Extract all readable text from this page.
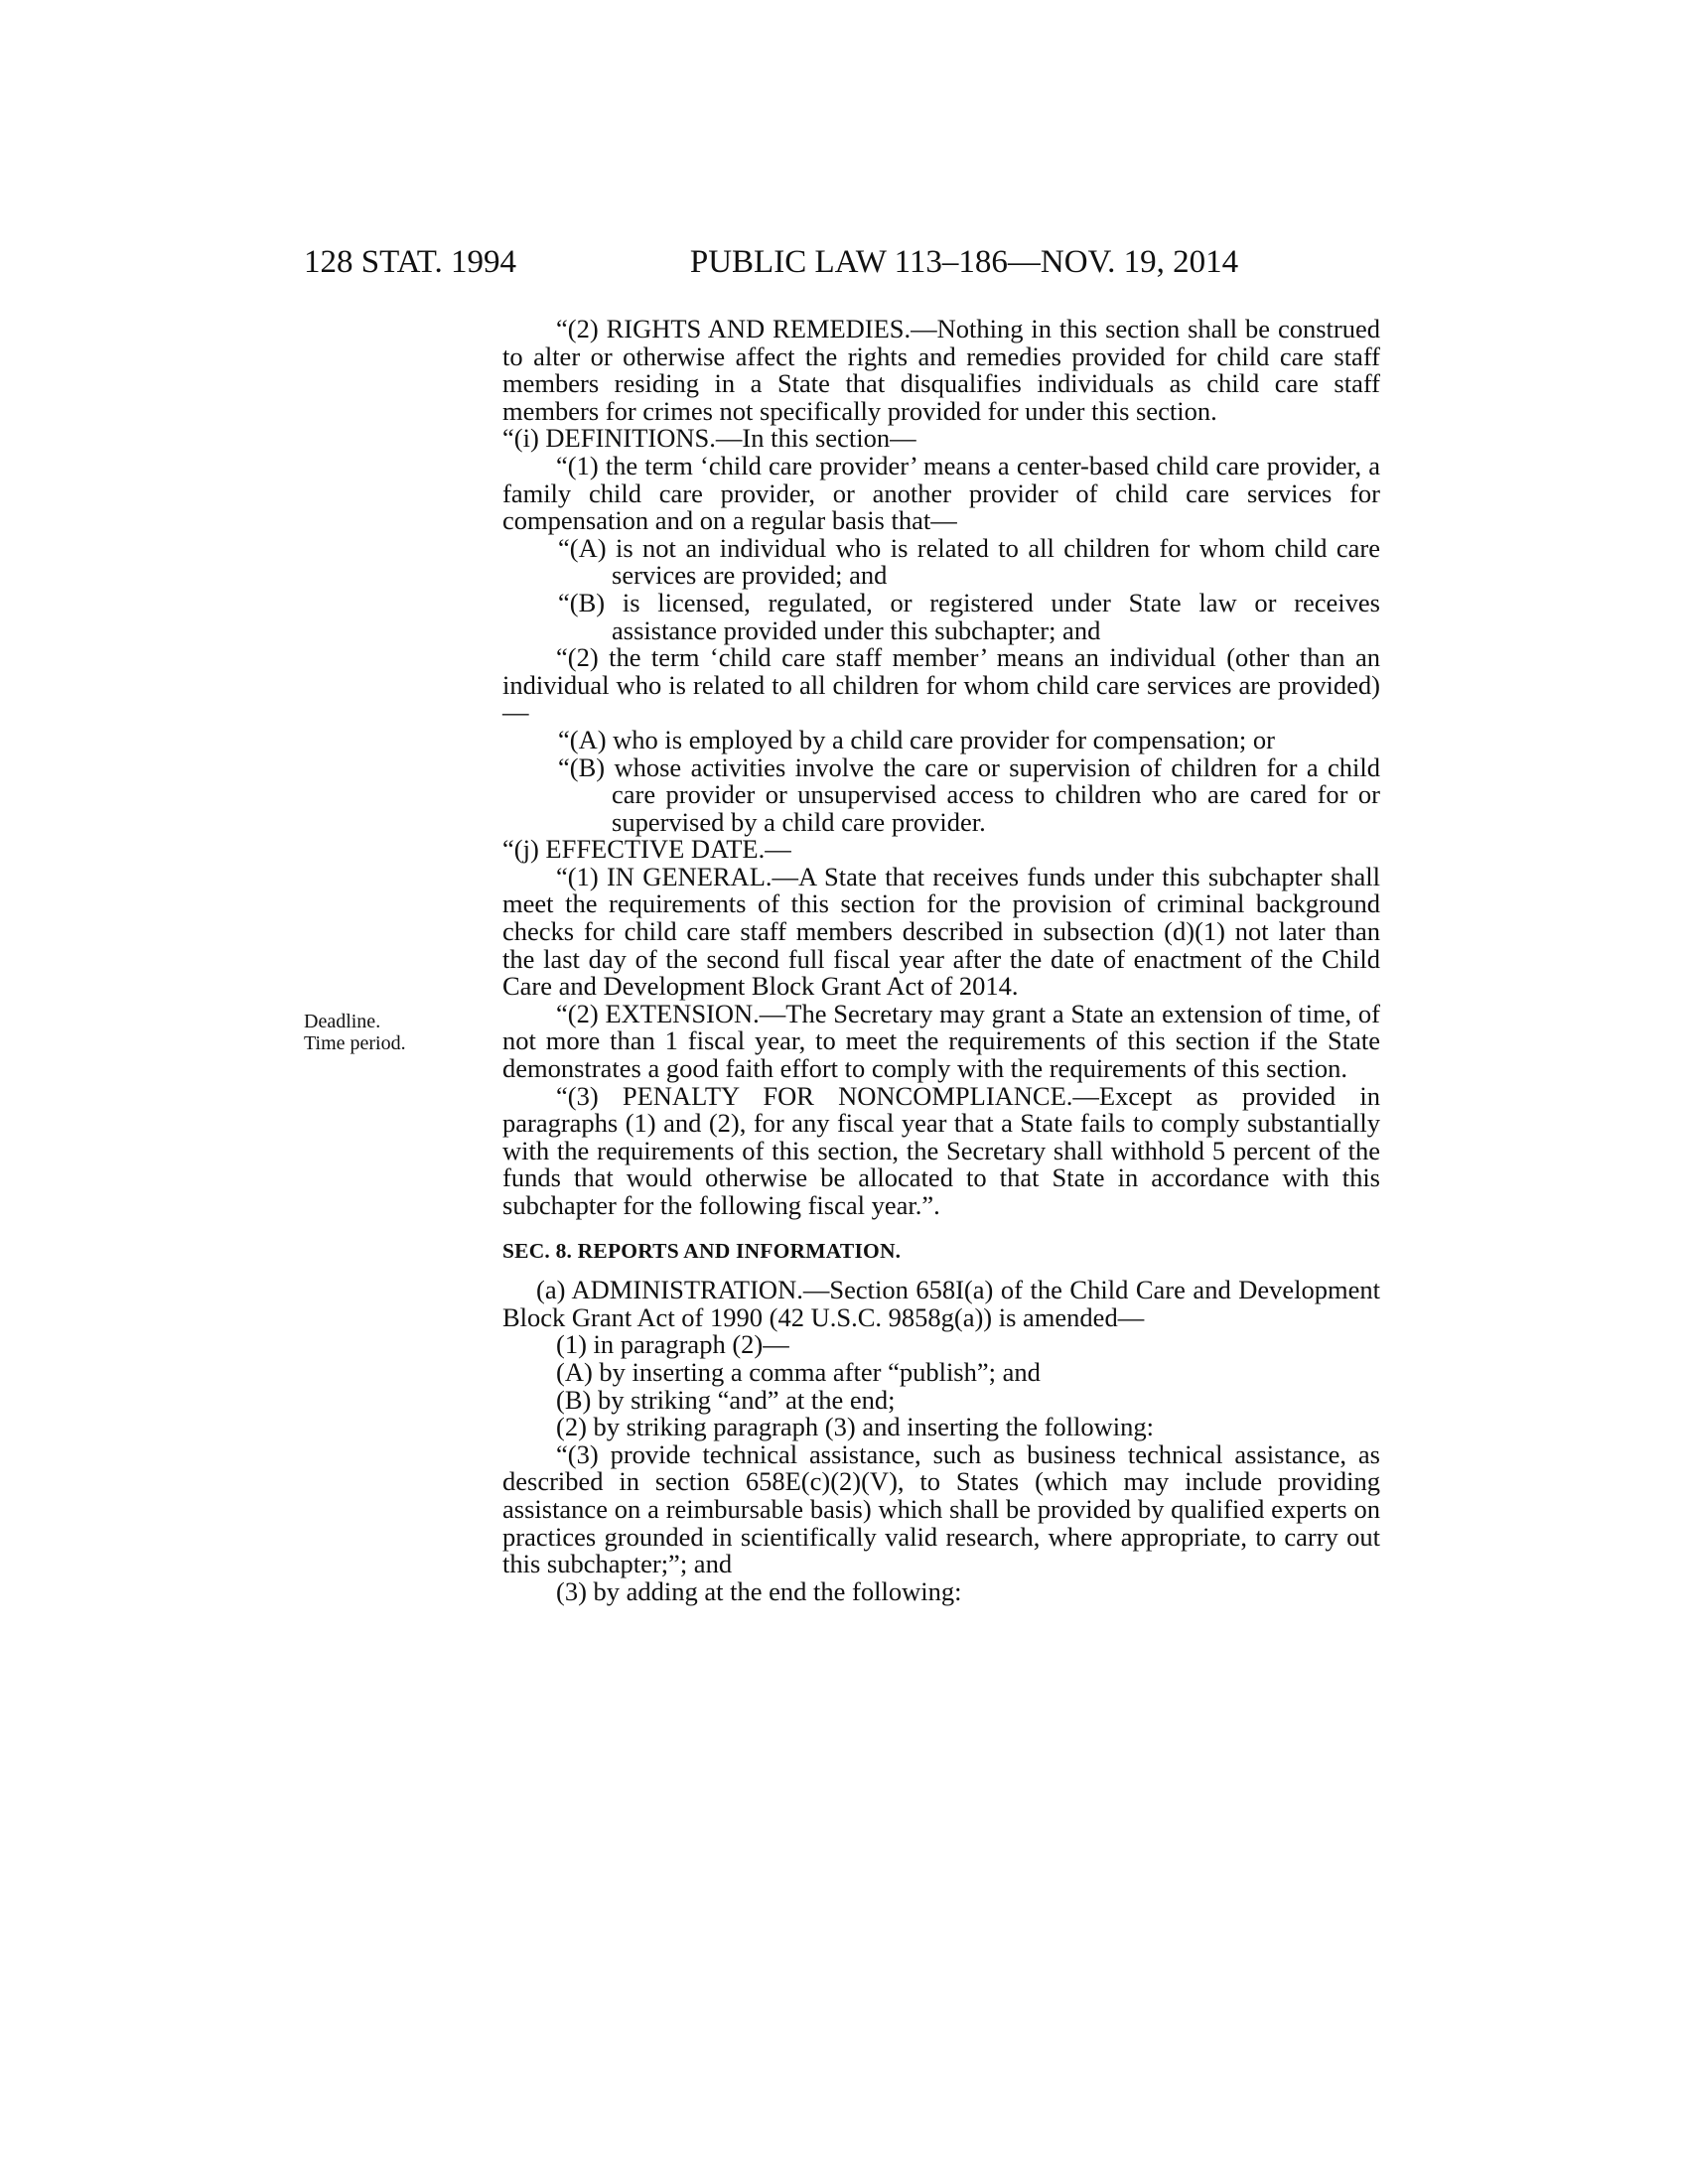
128 STAT. 1994	PUBLIC LAW 113–186—NOV. 19, 2014
Deadline.
Time period.

“(2) RIGHTS AND REMEDIES.—Nothing in this section shall be construed to alter or otherwise affect the rights and remedies provided for child care staff members residing in a State that disqualifies individuals as child care staff members for crimes not specifically provided for under this section.

“(i) DEFINITIONS.—In this section—

“(1) the term ‘child care provider’ means a center-based child care provider, a family child care provider, or another provider of child care services for compensation and on a regular basis that—

“(A) is not an individual who is related to all children for whom child care services are provided; and

“(B) is licensed, regulated, or registered under State law or receives assistance provided under this subchapter; and

“(2) the term ‘child care staff member’ means an individual (other than an individual who is related to all children for whom child care services are provided)—

“(A) who is employed by a child care provider for compensation; or

“(B) whose activities involve the care or supervision of children for a child care provider or unsupervised access to children who are cared for or supervised by a child care provider.

“(j) EFFECTIVE DATE.—

“(1) IN GENERAL.—A State that receives funds under this subchapter shall meet the requirements of this section for the provision of criminal background checks for child care staff members described in subsection (d)(1) not later than the last day of the second full fiscal year after the date of enactment of the Child Care and Development Block Grant Act of 2014.

“(2) EXTENSION.—The Secretary may grant a State an extension of time, of not more than 1 fiscal year, to meet the requirements of this section if the State demonstrates a good faith effort to comply with the requirements of this section.

“(3) PENALTY FOR NONCOMPLIANCE.—Except as provided in paragraphs (1) and (2), for any fiscal year that a State fails to comply substantially with the requirements of this section, the Secretary shall withhold 5 percent of the funds that would otherwise be allocated to that State in accordance with this subchapter for the following fiscal year.”.

SEC. 8. REPORTS AND INFORMATION.

(a) ADMINISTRATION.—Section 658I(a) of the Child Care and Development Block Grant Act of 1990 (42 U.S.C. 9858g(a)) is amended—

(1) in paragraph (2)—

(A) by inserting a comma after “publish”; and

(B) by striking “and” at the end;

(2) by striking paragraph (3) and inserting the following:

“(3) provide technical assistance, such as business technical assistance, as described in section 658E(c)(2)(V), to States (which may include providing assistance on a reimbursable basis) which shall be provided by qualified experts on practices grounded in scientifically valid research, where appropriate, to carry out this subchapter;”; and

(3) by adding at the end the following:
